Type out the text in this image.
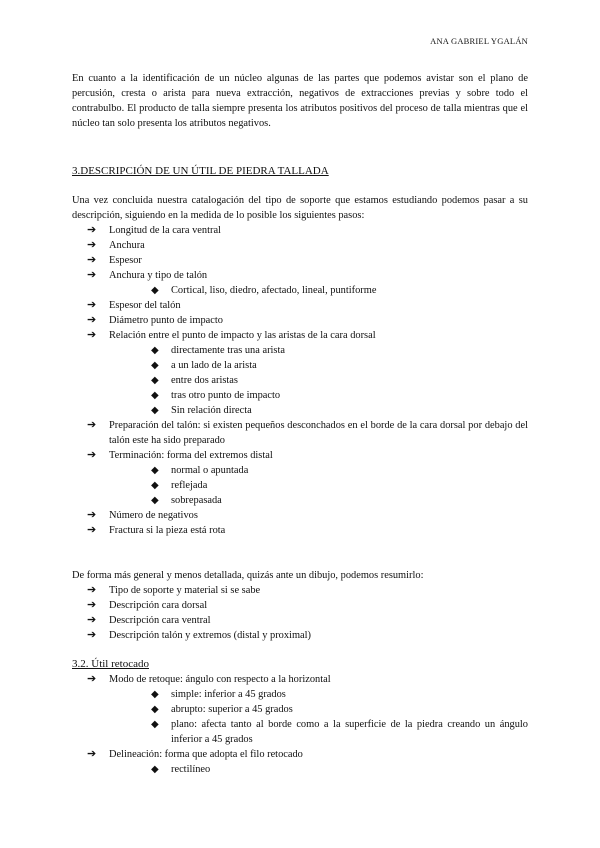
ANA GABRIEL YGALÁN

En cuanto a la identificación de un núcleo algunas de las partes que podemos avistar son el plano de percusión, cresta o arista para nueva extracción, negativos de extracciones previas y sobre todo el contrabulbo. El producto de talla siempre presenta los atributos positivos del proceso de talla mientras que el núcleo tan solo presenta los atributos negativos.

3.DESCRIPCIÓN DE UN ÚTIL DE PIEDRA TALLADA

Una vez concluida nuestra catalogación del tipo de soporte que estamos estudiando podemos pasar a su descripción, siguiendo en la medida de lo posible los siguientes pasos:

➔ Longitud de la cara ventral
➔ Anchura
➔ Espesor
➔ Anchura y tipo de talón
◆ Cortical, liso, diedro, afectado, lineal, puntiforme
➔ Espesor del talón
➔ Diámetro punto de impacto
➔ Relación entre el punto de impacto y las aristas de la cara dorsal
◆ directamente tras una arista
◆ a un lado de la arista
◆ entre dos aristas
◆ tras otro punto de impacto
◆ Sin relación directa
➔ Preparación del talón: si existen pequeños desconchados en el borde de la cara dorsal por debajo del talón este ha sido preparado
➔ Terminación: forma del extremos distal
◆ normal o apuntada
◆ reflejada
◆ sobrepasada
➔ Número de negativos
➔ Fractura si la pieza está rota

De forma más general y menos detallada, quizás ante un dibujo, podemos resumirlo:

➔ Tipo de soporte y material si se sabe
➔ Descripción cara dorsal
➔ Descripción cara ventral
➔ Descripción talón y extremos (distal y proximal)
3.2. Útil retocado
➔ Modo de retoque: ángulo con respecto a la horizontal
◆ simple: inferior a 45 grados
◆ abrupto: superior a 45 grados
◆ plano: afecta tanto al borde como a la superficie de la piedra creando un ángulo inferior a 45 grados
➔ Delineación: forma que adopta el filo retocado
◆ rectilíneo
